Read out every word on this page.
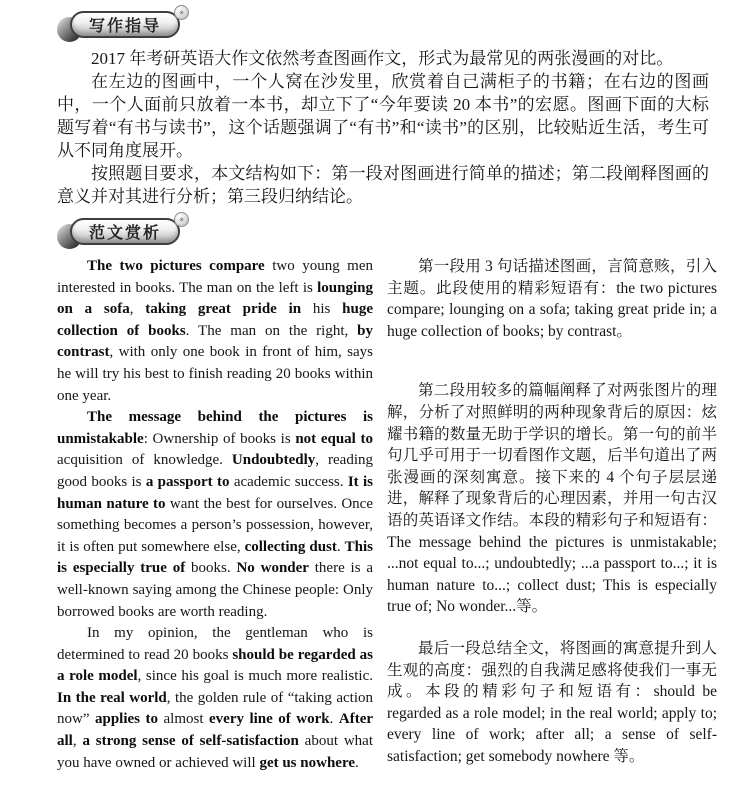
写作指导
✳

2017 年考研英语大作文依然考查图画作文，形式为最常见的两张漫画的对比。

在左边的图画中，一个人窝在沙发里，欣赏着自己满柜子的书籍；在右边的图画中，一个人面前只放着一本书，却立下了“今年要读 20 本书”的宏愿。图画下面的大标题写着“有书与读书”，这个话题强调了“有书”和“读书”的区别，比较贴近生活，考生可从不同角度展开。

按照题目要求，本文结构如下：第一段对图画进行简单的描述；第二段阐释图画的意义并对其进行分析；第三段归纳结论。

范文赏析
✳

The two pictures compare two young men interested in books. The man on the left is lounging on a sofa, taking great pride in his huge collection of books. The man on the right, by contrast, with only one book in front of him, says he will try his best to finish reading 20 books within one year.

The message behind the pictures is unmistakable: Ownership of books is not equal to acquisition of knowledge. Undoubtedly, reading good books is a passport to academic success. It is human nature to want the best for ourselves. Once something becomes a person’s possession, however, it is often put somewhere else, collecting dust. This is especially true of books. No wonder there is a well-known saying among the Chinese people: Only borrowed books are worth reading.

In my opinion, the gentleman who is determined to read 20 books should be regarded as a role model, since his goal is much more realistic. In the real world, the golden rule of “taking action now” applies to almost every line of work. After all, a strong sense of self-satisfaction about what you have owned or achieved will get us nowhere.

第一段用 3 句话描述图画，言简意赅，引入主题。此段使用的精彩短语有：the two pictures compare; lounging on a sofa; taking great pride in; a huge collection of books; by contrast。

第二段用较多的篇幅阐释了对两张图片的理解，分析了对照鲜明的两种现象背后的原因：炫耀书籍的数量无助于学识的增长。第一句的前半句几乎可用于一切看图作文题，后半句道出了两张漫画的深刻寓意。接下来的 4 个句子层层递进，解释了现象背后的心理因素，并用一句古汉语的英语译文作结。本段的精彩句子和短语有：The message behind the pictures is unmistakable; ...not equal to...; undoubtedly; ...a passport to...; it is human nature to...; collect dust; This is especially true of; No wonder...等。

最后一段总结全文，将图画的寓意提升到人生观的高度：强烈的自我满足感将使我们一事无成。本段的精彩句子和短语有：should be regarded as a role model; in the real world; apply to; every line of work; after all; a sense of self-satisfaction; get somebody nowhere 等。
